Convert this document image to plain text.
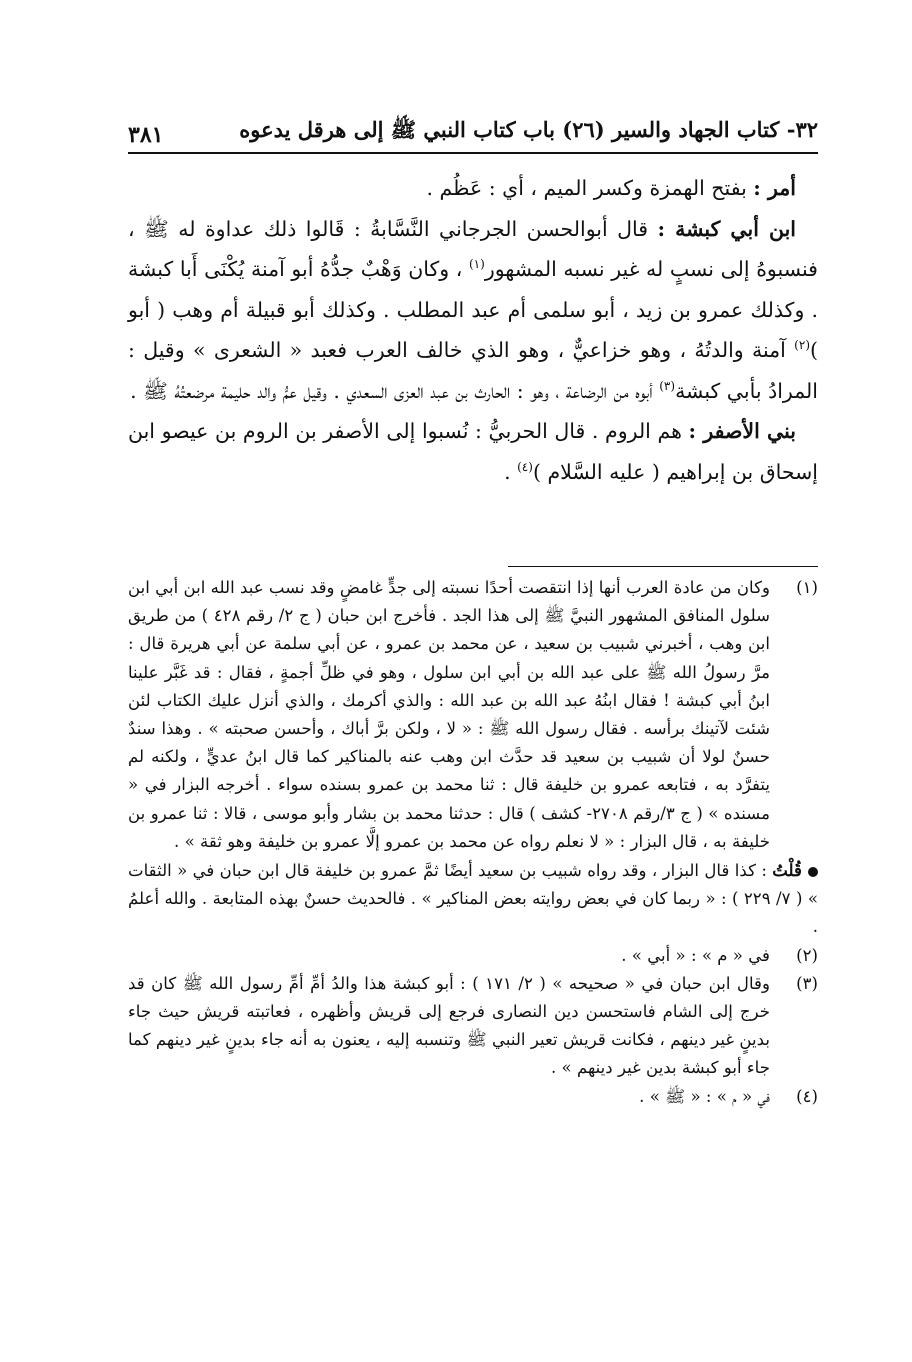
٣٢- كتاب الجهاد والسير (٢٦) باب كتاب النبي ﷺ إلى هرقل يدعوه
٣٨١

أمر : بفتح الهمزة وكسر الميم ، أي : عَظُم .

ابن أبي كبشة : قال أبوالحسن الجرجاني النَّسَّابةُ : قَالوا ذلك عداوة له ﷺ ، فنسبوهُ إلى نسبٍ له غير نسبه المشهور$^{(١)}$ ، وكان وَهْبٌ جدُّهُ أبو آمنة يُكْنَى أَبا كبشة . وكذلك عمرو بن زيد ، أبو سلمى أم عبد المطلب . وكذلك أبو قبيلة أم وهب ( أبو )$^{(٢)}$ آمنة والدتُهُ ، وهو خزاعيٌّ ، وهو الذي خالف العرب فعبد « الشعرى » وقيل : المرادُ بأبي كبشة$^{(٣)}$ أبوه من الرضاعة ، وهو : الحارث بن عبد العزى السعدي . وقيل عمُّ والد حليمة مرضعتُهُ ﷺ .

بني الأصفر : هم الروم . قال الحربيُّ : نُسبوا إلى الأصفر بن الروم بن عيصو ابن إسحاق بن إبراهيم ( عليه السَّلام )$^{(٤)}$ .

(١)
وكان من عادة العرب أنها إذا انتقصت أحدًا نسبته إلى جدٍّ غامضٍ وقد نسب عبد الله ابن أبي ابن سلول المنافق المشهور النبيَّ ﷺ إلى هذا الجد . فأخرج ابن حبان ( ج ٢/ رقم ٤٢٨ ) من طريق ابن وهب ، أخبرني شبيب بن سعيد ، عن محمد بن عمرو ، عن أبي سلمة عن أبي هريرة قال : مرَّ رسولُ الله ﷺ على عبد الله بن أبي ابن سلول ، وهو في ظلِّ أجمةٍ ، فقال : قد غَبَّر علينا ابنُ أبي كبشة ! فقال ابنُهُ عبد الله بن عبد الله : والذي أكرمك ، والذي أنزل عليك الكتاب لئن شئت لآتينك برأسه . فقال رسول الله ﷺ : « لا ، ولكن برَّ أباك ، وأحسن صحبته » . وهذا سندٌ حسنٌ لولا أن شبيب بن سعيد قد حدَّث ابن وهب عنه بالمناكير كما قال ابنُ عديٍّ ، ولكنه لم يتفرَّد به ، فتابعه عمرو بن خليفة قال : ثنا محمد بن عمرو بسنده سواء . أخرجه البزار في « مسنده » ( ج ٣/رقم ٢٧٠٨- كشف ) قال : حدثنا محمد بن بشار وأبو موسى ، قالا : ثنا عمرو بن خليفة به ، قال البزار : « لا نعلم رواه عن محمد بن عمرو إلَّا عمرو بن خليفة وهو ثقة » .
قُلْتُ : كذا قال البزار ، وقد رواه شبيب بن سعيد أيضًا ثمَّ عمرو بن خليفة قال ابن حبان في « الثقات » ( ٧/ ٢٢٩ ) : « ربما كان في بعض روايته بعض المناكير » . فالحديث حسنٌ بهذه المتابعة . والله أعلمُ .
(٢)
في « م » : « أبي » .
(٣)
وقال ابن حبان في « صحيحه » ( ٢/ ١٧١ ) : أبو كبشة هذا والدُ أمِّ أمِّ رسول الله ﷺ كان قد خرج إلى الشام فاستحسن دين النصارى فرجع إلى قريش وأظهره ، فعاتبته قريش حيث جاء بدينٍ غير دينهم ، فكانت قريش تعير النبي ﷺ وتنسبه إليه ، يعنون به أنه جاء بدينٍ غير دينهم كما جاء أبو كبشة بدين غير دينهم » .
(٤)
في « م » : « ﷺ » .
